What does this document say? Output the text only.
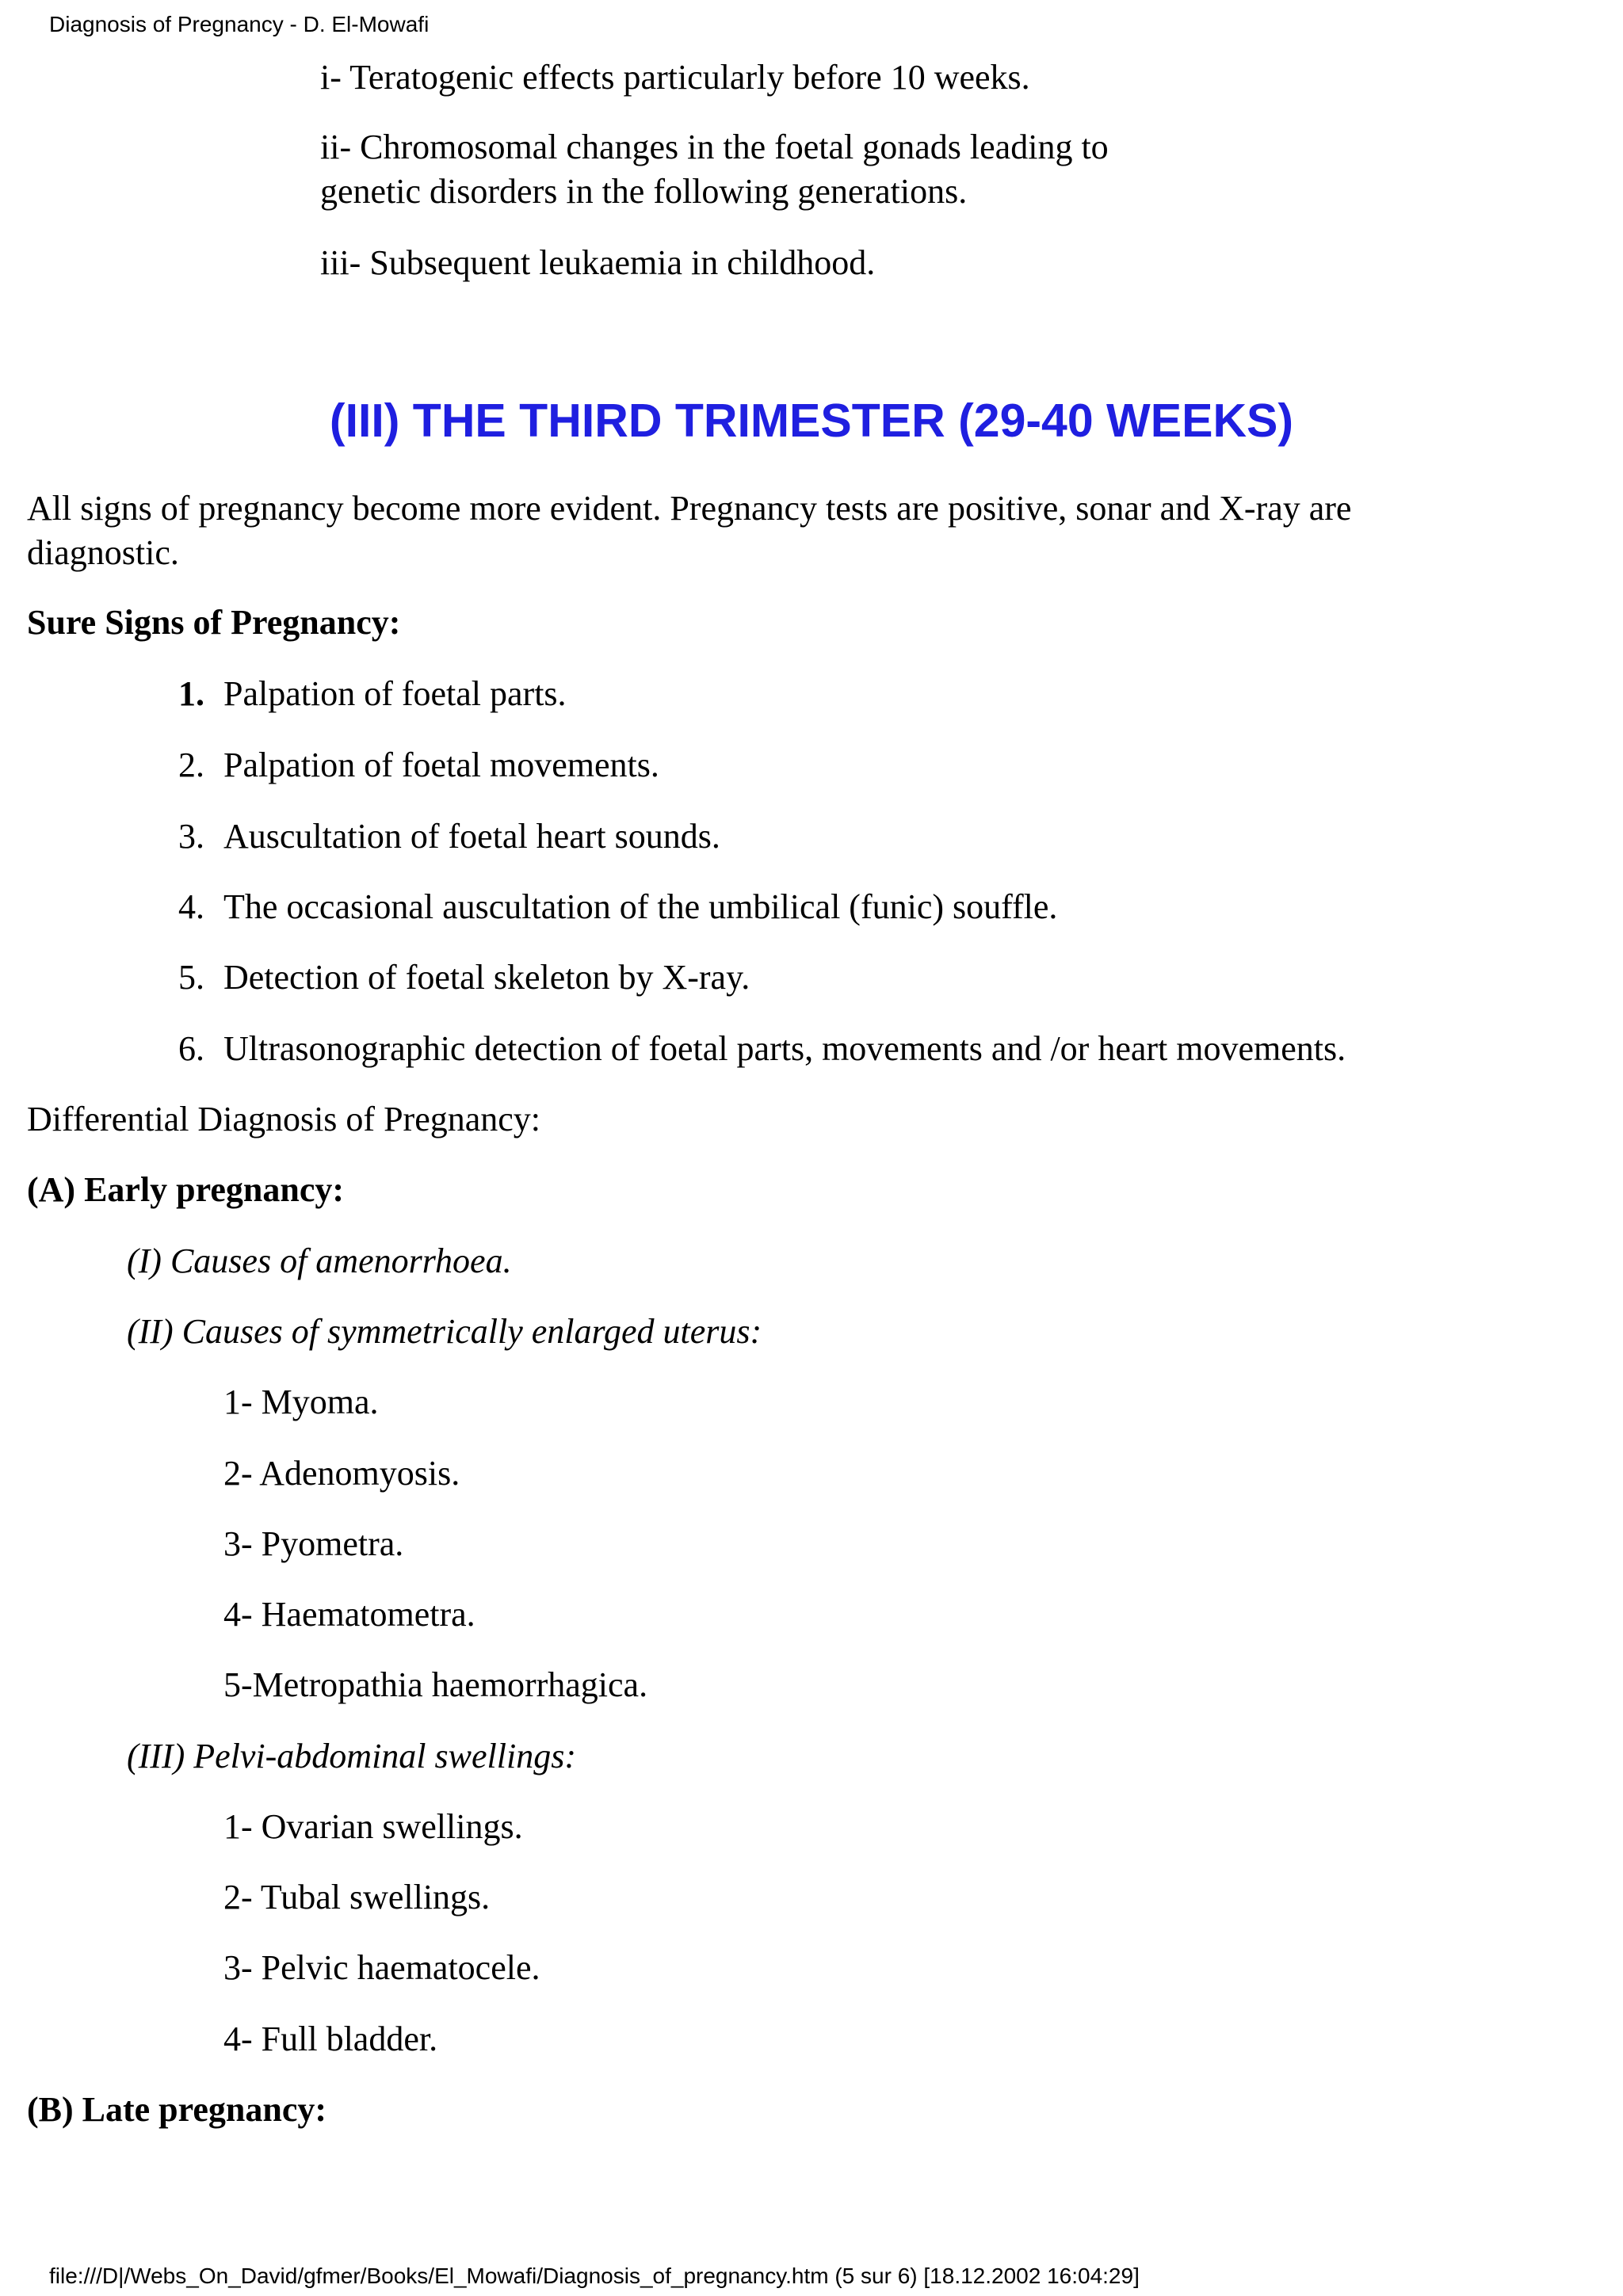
Diagnosis of Pregnancy - D. El-Mowafi
i- Teratogenic effects particularly before 10 weeks.
ii- Chromosomal changes in the foetal gonads leading to
genetic disorders in the following generations.
iii- Subsequent leukaemia in childhood.
(III) THE THIRD TRIMESTER (29-40 WEEKS)
All signs of pregnancy become more evident. Pregnancy tests are positive, sonar and X-ray are
diagnostic.
Sure Signs of Pregnancy:
1. Palpation of foetal parts.
2. Palpation of foetal movements.
3. Auscultation of foetal heart sounds.
4. The occasional auscultation of the umbilical (funic) souffle.
5. Detection of foetal skeleton by X-ray.
6. Ultrasonographic detection of foetal parts, movements and /or heart movements.
Differential Diagnosis of Pregnancy:
(A) Early pregnancy:
(I) Causes of amenorrhoea.
(II) Causes of symmetrically enlarged uterus:
1- Myoma.
2- Adenomyosis.
3- Pyometra.
4- Haematometra.
5-Metropathia haemorrhagica.
(III) Pelvi-abdominal swellings:
1- Ovarian swellings.
2- Tubal swellings.
3- Pelvic haematocele.
4- Full bladder.
(B) Late pregnancy:
file:///D|/Webs_On_David/gfmer/Books/El_Mowafi/Diagnosis_of_pregnancy.htm (5 sur 6) [18.12.2002 16:04:29]
